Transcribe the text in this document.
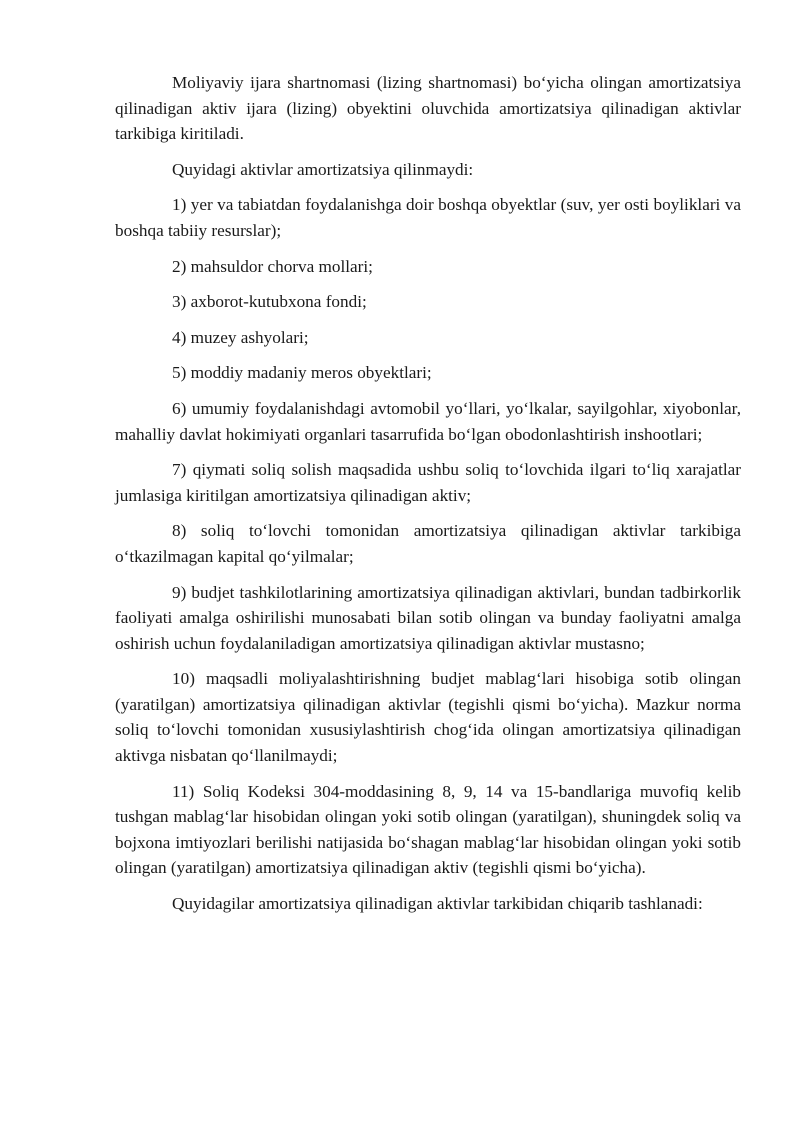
Moliyaviy ijara shartnomasi (lizing shartnomasi) bo‘yicha olingan amortizatsiya qilinadigan aktiv ijara (lizing) obyektini oluvchida amortizatsiya qilinadigan aktivlar tarkibiga kiritiladi.

Quyidagi aktivlar amortizatsiya qilinmaydi:

1) yer va tabiatdan foydalanishga doir boshqa obyektlar (suv, yer osti boyliklari va boshqa tabiiy resurslar);

2) mahsuldor chorva mollari;

3) axborot-kutubxona fondi;

4) muzey ashyolari;

5) moddiy madaniy meros obyektlari;

6) umumiy foydalanishdagi avtomobil yo‘llari, yo‘lkalar, sayilgohlar, xiyobonlar, mahalliy davlat hokimiyati organlari tasarrufida bo‘lgan obodonlashtirish inshootlari;

7) qiymati soliq solish maqsadida ushbu soliq to‘lovchida ilgari to‘liq xarajatlar jumlasiga kiritilgan amortizatsiya qilinadigan aktiv;

8) soliq to‘lovchi tomonidan amortizatsiya qilinadigan aktivlar tarkibiga o‘tkazilmagan kapital qo‘yilmalar;

9) budjet tashkilotlarining amortizatsiya qilinadigan aktivlari, bundan tadbirkorlik faoliyati amalga oshirilishi munosabati bilan sotib olingan va bunday faoliyatni amalga oshirish uchun foydalaniladigan amortizatsiya qilinadigan aktivlar mustasno;

10) maqsadli moliyalashtirishning budjet mablag‘lari hisobiga sotib olingan (yaratilgan) amortizatsiya qilinadigan aktivlar (tegishli qismi bo‘yicha). Mazkur norma soliq to‘lovchi tomonidan xususiylashtirish chog‘ida olingan amortizatsiya qilinadigan aktivga nisbatan qo‘llanilmaydi;

11) Soliq Kodeksi 304-moddasining 8, 9, 14 va 15-bandlariga muvofiq kelib tushgan mablag‘lar hisobidan olingan yoki sotib olingan (yaratilgan), shuningdek soliq va bojxona imtiyozlari berilishi natijasida bo‘shagan mablag‘lar hisobidan olingan yoki sotib olingan (yaratilgan) amortizatsiya qilinadigan aktiv (tegishli qismi bo‘yicha).

Quyidagilar amortizatsiya qilinadigan aktivlar tarkibidan chiqarib tashlanadi:
